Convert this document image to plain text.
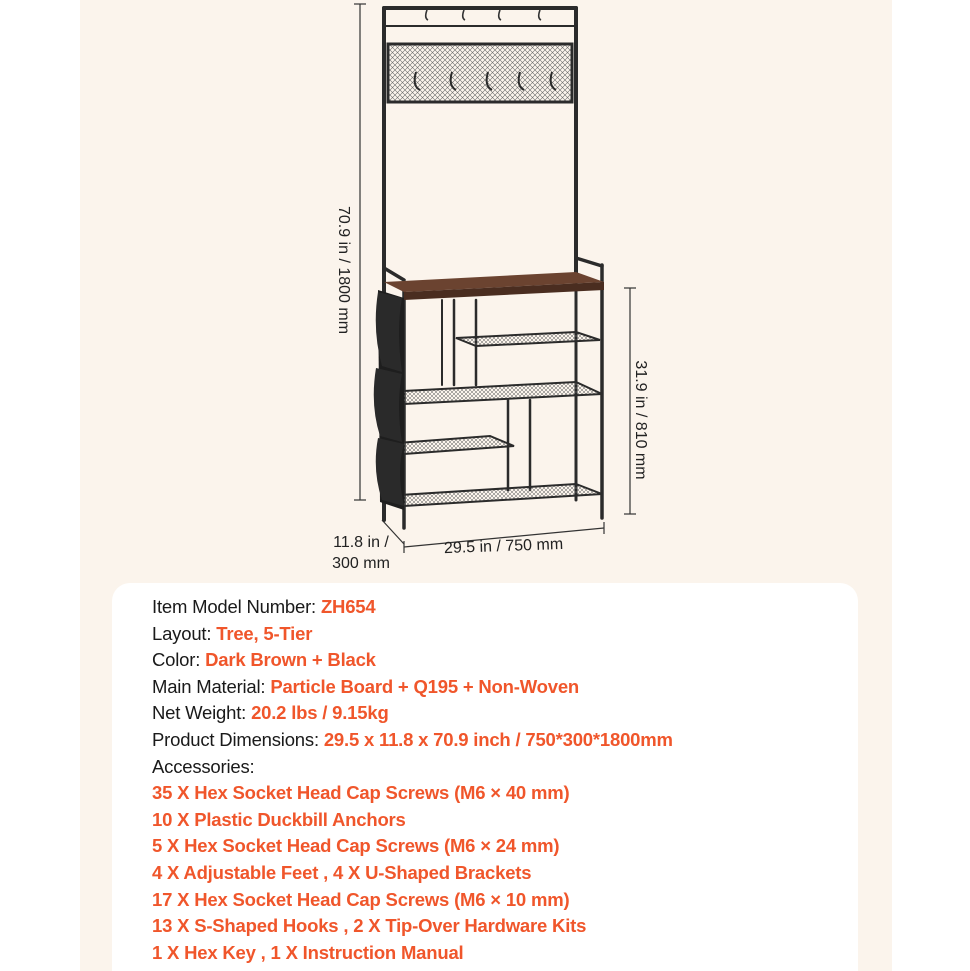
70.9 in / 1800 mm
31.9 in / 810 mm
11.8 in / 300 mm
29.5 in / 750 mm
Item Model Number: ZH654
Layout: Tree, 5-Tier
Color: Dark Brown + Black
Main Material: Particle Board + Q195 + Non-Woven
Net Weight: 20.2 lbs / 9.15kg
Product Dimensions: 29.5 x 11.8 x 70.9 inch / 750*300*1800mm
Accessories:
35 X Hex Socket Head Cap Screws (M6 × 40 mm)
10 X Plastic Duckbill Anchors
5 X Hex Socket Head Cap Screws (M6 × 24 mm)
4 X Adjustable Feet , 4 X U-Shaped Brackets
17 X Hex Socket Head Cap Screws (M6 × 10 mm)
13 X S-Shaped Hooks , 2 X Tip-Over Hardware Kits
1 X Hex Key , 1 X Instruction Manual
